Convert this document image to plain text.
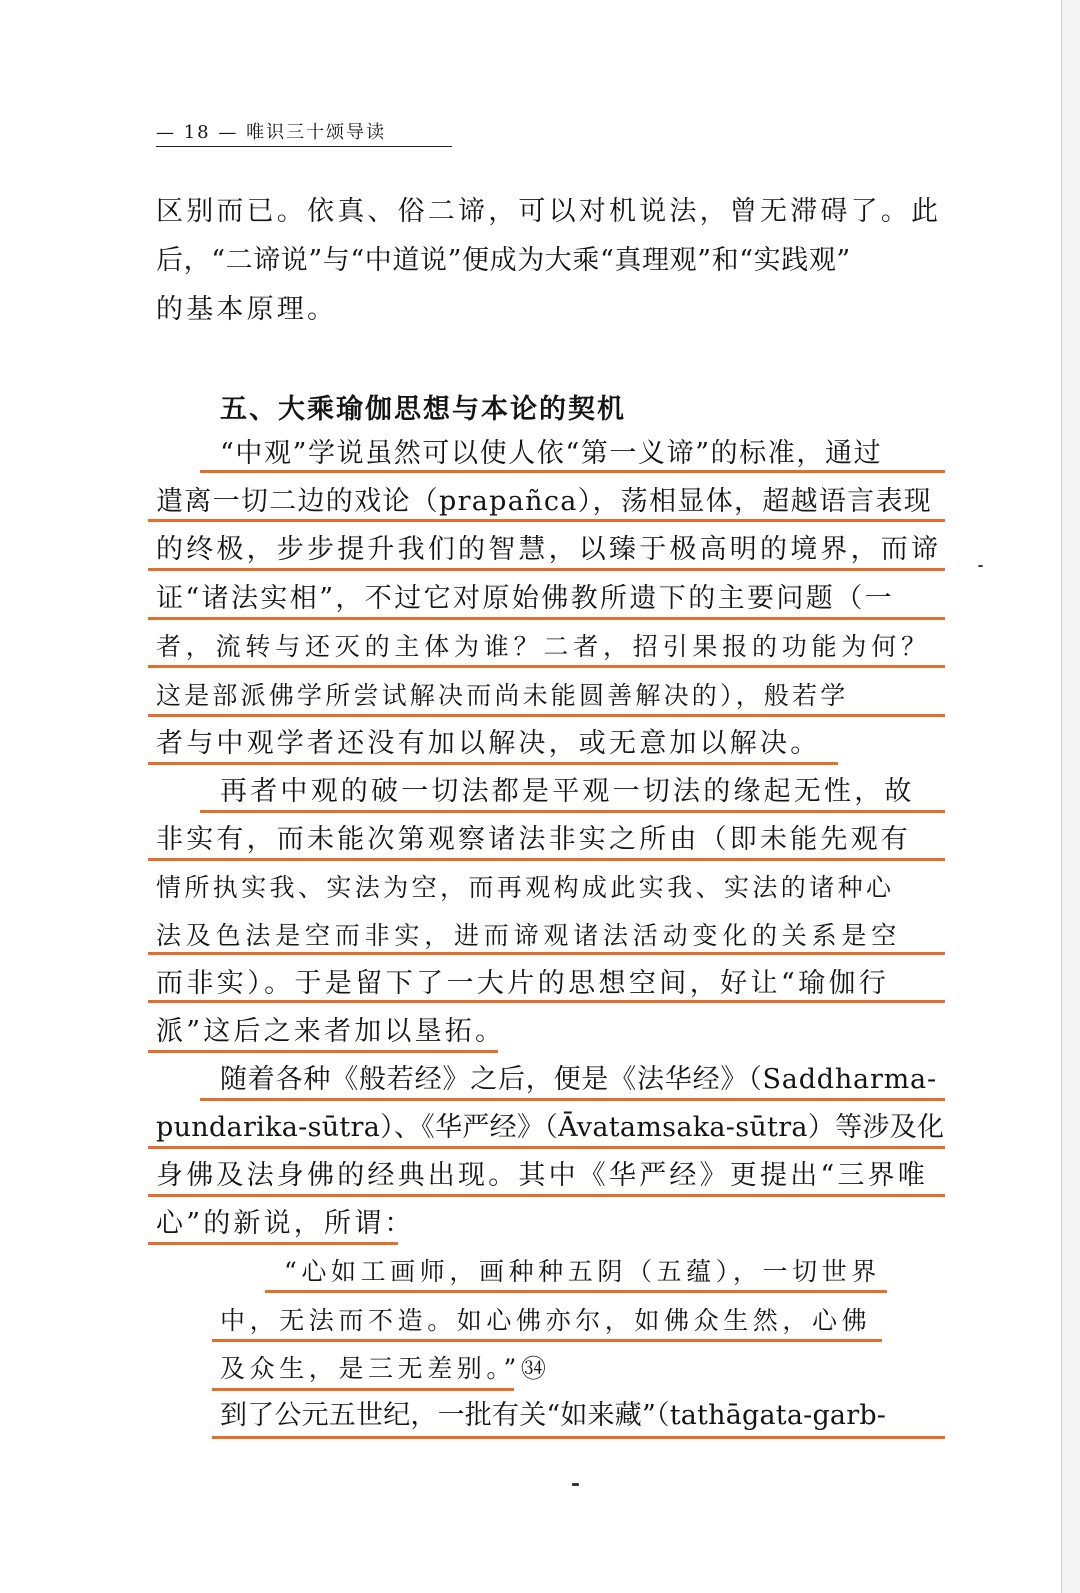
— 18 — 唯识三十颂导读
区别而已。依真、俗二谛，可以对机说法，曾无滞碍了。此
后，“二谛说”与“中道说”便成为大乘“真理观”和“实践观”
的基本原理。
五、大乘瑜伽思想与本论的契机
“中观”学说虽然可以使人依“第一义谛”的标准，通过
遣离一切二边的戏论（prapañca），荡相显体，超越语言表现
的终极，步步提升我们的智慧，以臻于极高明的境界，而谛
证“诸法实相”，不过它对原始佛教所遗下的主要问题（一
者，流转与还灭的主体为谁？二者，招引果报的功能为何？
这是部派佛学所尝试解决而尚未能圆善解决的），般若学
者与中观学者还没有加以解决，或无意加以解决。
再者中观的破一切法都是平观一切法的缘起无性，故
非实有，而未能次第观察诸法非实之所由（即未能先观有
情所执实我、实法为空，而再观构成此实我、实法的诸种心
法及色法是空而非实，进而谛观诸法活动变化的关系是空
而非实）。于是留下了一大片的思想空间，好让“瑜伽行
派”这后之来者加以垦拓。
随着各种《般若经》之后，便是《法华经》（Saddharma-
pundarika-sūtra）、《华严经》（Āvatamsaka-sūtra）等涉及化
身佛及法身佛的经典出现。其中《华严经》更提出“三界唯
心”的新说，所谓：
“心如工画师，画种种五阴（五蕴），一切世界
中，无法而不造。如心佛亦尔，如佛众生然，心佛
及众生，是三无差别。”㉞
到了公元五世纪，一批有关“如来藏”（tathāgata-garb-
